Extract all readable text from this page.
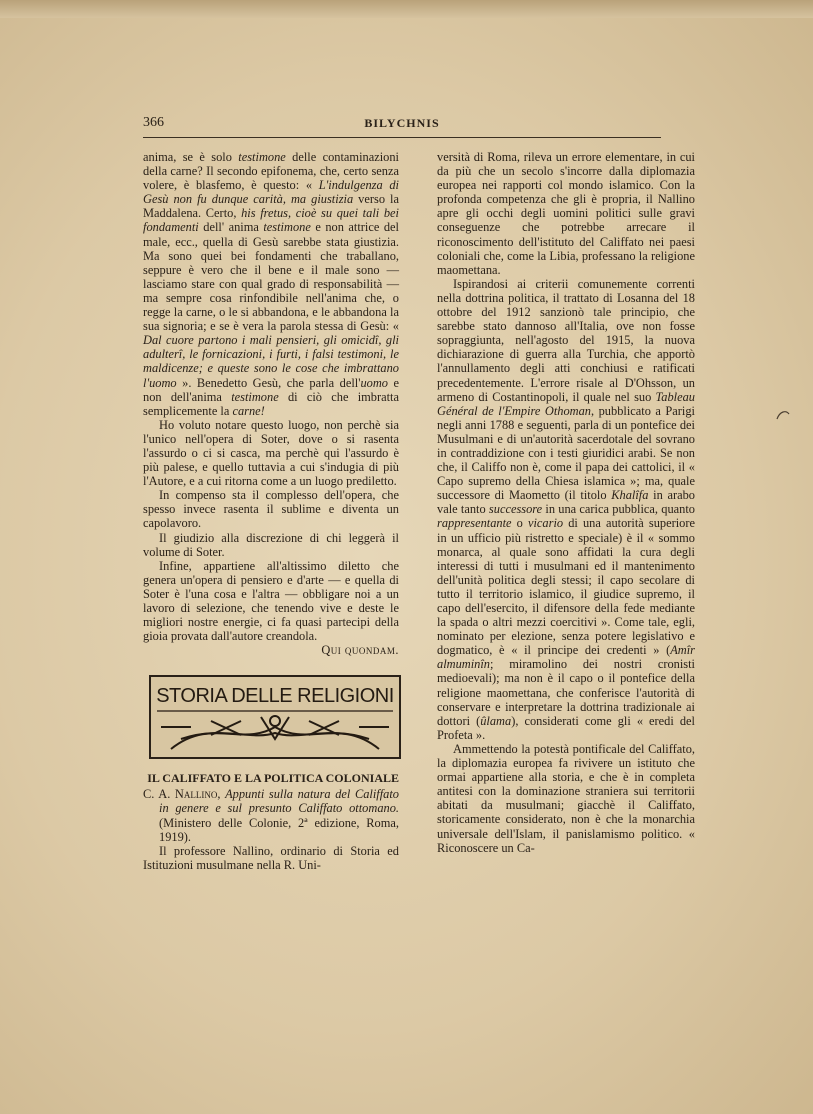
366	BILYCHNIS

anima, se è solo testimone delle contaminazioni della carne? Il secondo epifonema, che, certo senza volere, è blasfemo, è questo: « L'indulgenza di Gesù non fu dunque carità, ma giustizia verso la Maddalena. Certo, his fretus, cioè su quei tali bei fondamenti dell' anima testimone e non attrice del male, ecc., quella di Gesù sarebbe stata giustizia. Ma sono quei bei fondamenti che traballano, seppure è vero che il bene e il male sono — lasciamo stare con qual grado di responsabilità — ma sempre cosa rinfondibile nell'anima che, o regge la carne, o le si abbandona, e le abbandona la sua signoria; e se è vera la parola stessa di Gesù: « Dal cuore partono i mali pensieri, gli omicidî, gli adulterî, le fornicazioni, i furti, i falsi testimoni, le maldicenze; e queste sono le cose che imbrattano l'uomo ». Benedetto Gesù, che parla dell'uomo e non dell'anima testimone di ciò che imbratta semplicemente la carne!

Ho voluto notare questo luogo, non perchè sia l'unico nell'opera di Soter, dove o si rasenta l'assurdo o ci si casca, ma perchè qui l'assurdo è più palese, e quello tuttavia a cui s'indugia di più l'Autore, e a cui ritorna come a un luogo prediletto.

In compenso sta il complesso dell'opera, che spesso invece rasenta il sublime e diventa un capolavoro.

Il giudizio alla discrezione di chi leggerà il volume di Soter.

Infine, appartiene all'altissimo diletto che genera un'opera di pensiero e d'arte — e quella di Soter è l'una cosa e l'altra — obbligare noi a un lavoro di selezione, che tenendo vive e deste le migliori nostre energie, ci fa quasi partecipi della gioia provata dall'autore creandola.

Qui quondam.

STORIA DELLE RELIGIONI
IL CALIFFATO E LA POLITICA COLONIALE

C. A. Nallino, Appunti sulla natura del Califfato in genere e sul presunto Califfato ottomano. (Ministero delle Colonie, 2ª edizione, Roma, 1919).

Il professore Nallino, ordinario di Storia ed Istituzioni musulmane nella R. Uni-

versità di Roma, rileva un errore elementare, in cui da più che un secolo s'incorre dalla diplomazia europea nei rapporti col mondo islamico. Con la profonda competenza che gli è propria, il Nallino apre gli occhi degli uomini politici sulle gravi conseguenze che potrebbe arrecare il riconoscimento dell'istituto del Califfato nei paesi coloniali che, come la Libia, professano la religione maomettana.

Ispirandosi ai criterii comunemente correnti nella dottrina politica, il trattato di Losanna del 18 ottobre del 1912 sanzionò tale principio, che sarebbe stato dannoso all'Italia, ove non fosse sopraggiunta, nell'agosto del 1915, la nuova dichiarazione di guerra alla Turchia, che apportò l'annullamento degli atti conchiusi e ratificati precedentemente. L'errore risale al D'Ohsson, un armeno di Costantinopoli, il quale nel suo Tableau Général de l'Empire Othoman, pubblicato a Parigi negli anni 1788 e seguenti, parla di un pontefice dei Musulmani e di un'autorità sacerdotale del sovrano in contraddizione con i testi giuridici arabi. Se non che, il Califfo non è, come il papa dei cattolici, il « Capo supremo della Chiesa islamica »; ma, quale successore di Maometto (il titolo Khalîfa in arabo vale tanto successore in una carica pubblica, quanto rappresentante o vicario di una autorità superiore in un ufficio più ristretto e speciale) è il « sommo monarca, al quale sono affidati la cura degli interessi di tutti i musulmani ed il mantenimento dell'unità politica degli stessi; il capo secolare di tutto il territorio islamico, il giudice supremo, il capo dell'esercito, il difensore della fede mediante la spada o altri mezzi coercitivi ». Come tale, egli, nominato per elezione, senza potere legislativo e dogmatico, è « il principe dei credenti » (Amîr almuminîn; miramolino dei nostri cronisti medioevali); ma non è il capo o il pontefice della religione maomettana, che conferisce l'autorità di conservare e interpretare la dottrina tradizionale ai dottori (ûlama), considerati come gli « eredi del Profeta ».

Ammettendo la potestà pontificale del Califfato, la diplomazia europea fa rivivere un istituto che ormai appartiene alla storia, e che è in completa antitesi con la dominazione straniera sui territorii abitati da musulmani; giacchè il Califfato, storicamente considerato, non è che la monarchia universale dell'Islam, il panislamismo politico. « Riconoscere un Ca-
